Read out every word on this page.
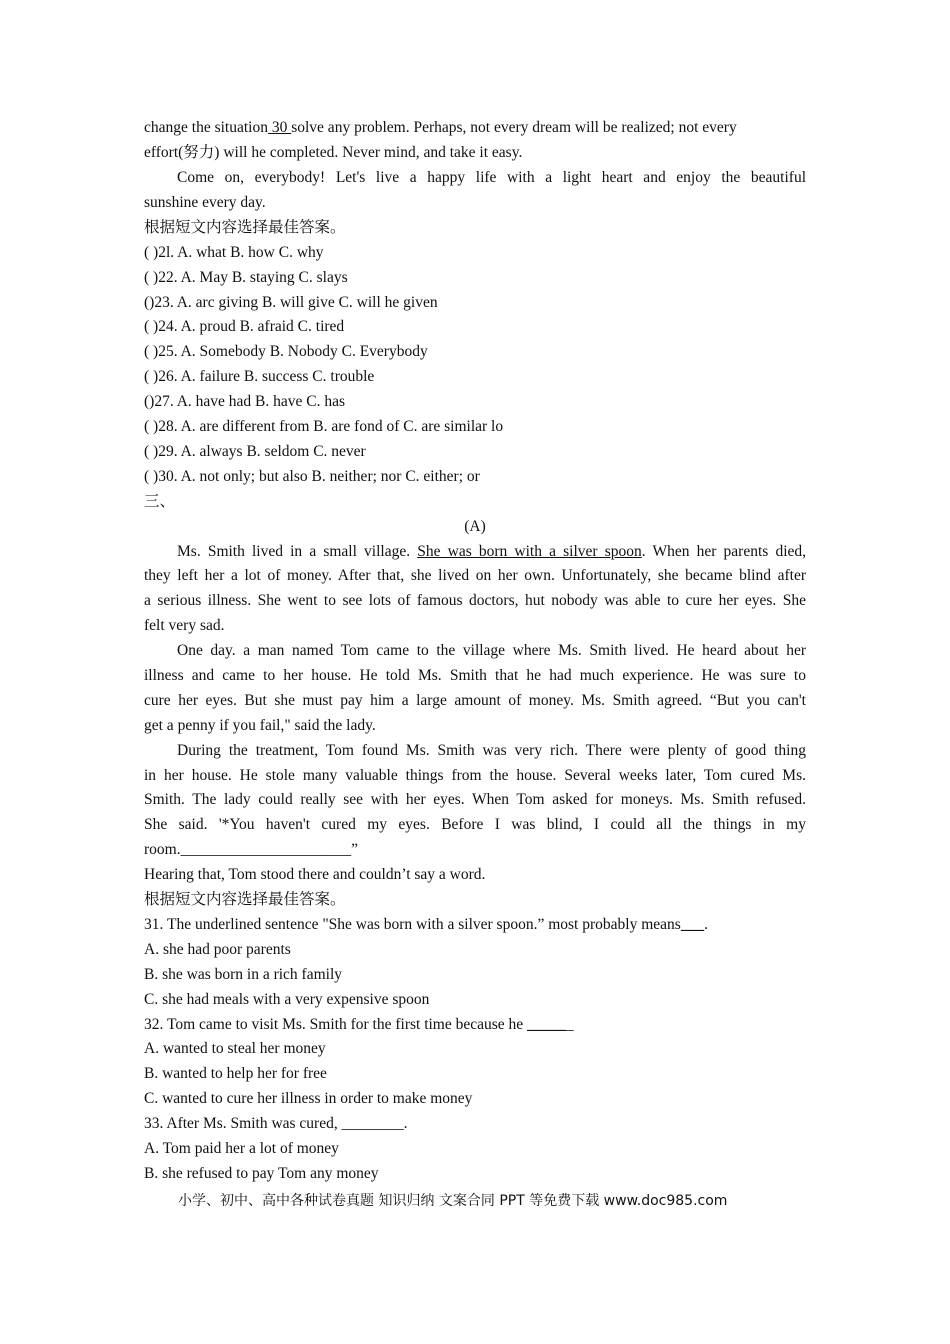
change the situation 30 solve any problem. Perhaps, not every dream will be realized; not every
effort(努力) will he completed. Never mind, and take it easy.
Come on, everybody! Let's live a happy life with a light heart and enjoy the beautiful
sunshine every day.
根据短文内容选择最佳答案。
( )2l. A. what B. how C. why
( )22. A. May B. staying C. slays
()23. A. arc giving B. will give C. will he given
( )24. A. proud B. afraid C. tired
( )25. A. Somebody B. Nobody C. Everybody
( )26. A. failure B. success C. trouble
()27. A. have had B. have C. has
( )28. A. are different from B. are fond of C. are similar lo
( )29. A. always B. seldom C. never
( )30. A. not only; but also B. neither; nor C. either; or
三、
(A)
Ms. Smith lived in a small village. She was born with a silver spoon. When her parents died,
they left her a lot of money. After that, she lived on her own. Unfortunately, she became blind after
a serious illness. She went to see lots of famous doctors, hut nobody was able to cure her eyes. She
felt very sad.
One day. a man named Tom came to the village where Ms. Smith lived. He heard about her
illness and came to her house. He told Ms. Smith that he had much experience. He was sure to
cure her eyes. But she must pay him a large amount of money. Ms. Smith agreed. “But you can't
get a penny if you fail," said the lady.
During the treatment, Tom found Ms. Smith was very rich. There were plenty of good thing
in her house. He stole many valuable things from the house. Several weeks later, Tom cured Ms.
Smith. The lady could really see with her eyes. When Tom asked for moneys. Ms. Smith refused.
She said. '*You haven't cured my eyes. Before I was blind, I could all the things in my
room.______________________”
Hearing that, Tom stood there and couldn’t say a word.
根据短文内容选择最佳答案。
31. The underlined sentence "She was born with a silver spoon.” most probably means___.
A. she had poor parents
B. she was born in a rich family
C. she had meals with a very expensive spoon
32. Tom came to visit Ms. Smith for the first time because he ______
A. wanted to steal her money
B. wanted to help her for free
C. wanted to cure her illness in order to make money
33. After Ms. Smith was cured, ________.
A. Tom paid her a lot of money
B. she refused to pay Tom any money
小学、初中、高中各种试卷真题 知识归纳 文案合同 PPT 等免费下载 www.doc985.com
